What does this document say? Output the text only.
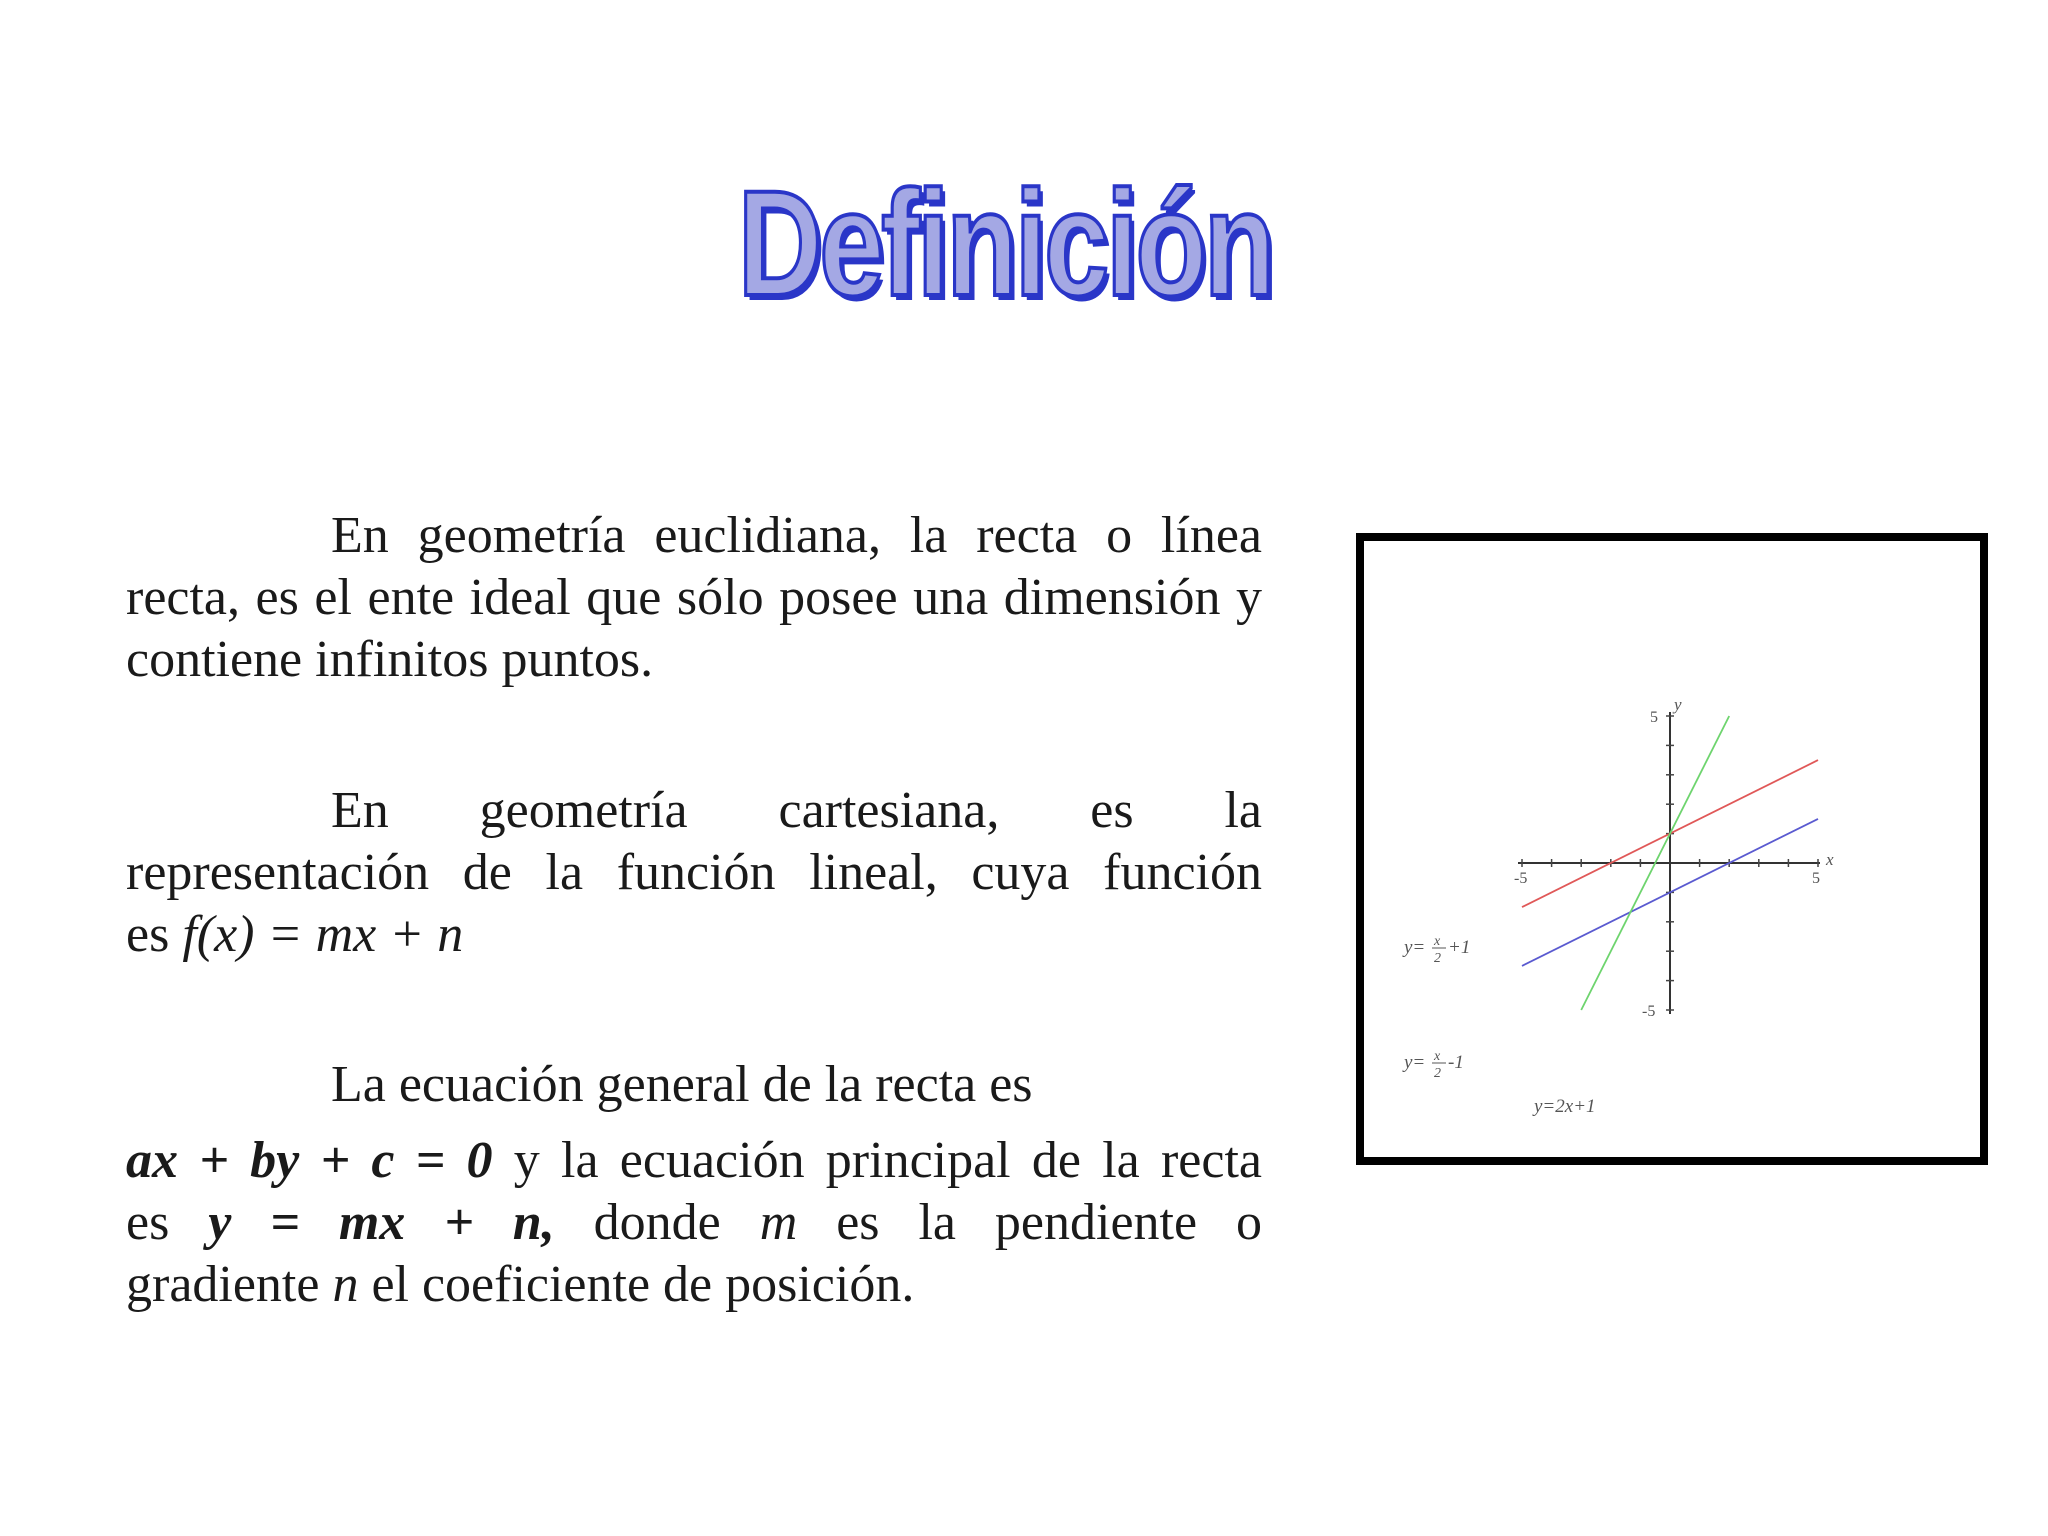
Definición

En geometría euclidiana, la recta o línea recta, es el ente ideal que sólo posee una dimensión y contiene infinitos puntos.

En geometría cartesiana, es la
representación de la función lineal, cuya función
es f(x) = mx + n
La ecuación general de la recta es
ax + by + c = 0 y la ecuación principal de la recta
es y = mx + n, donde m es la pendiente o
gradiente n el coeficiente de posición.
-5	5
5
-5
x
y
y= x
2
+1
y= x
2
-1
y=2x+1
